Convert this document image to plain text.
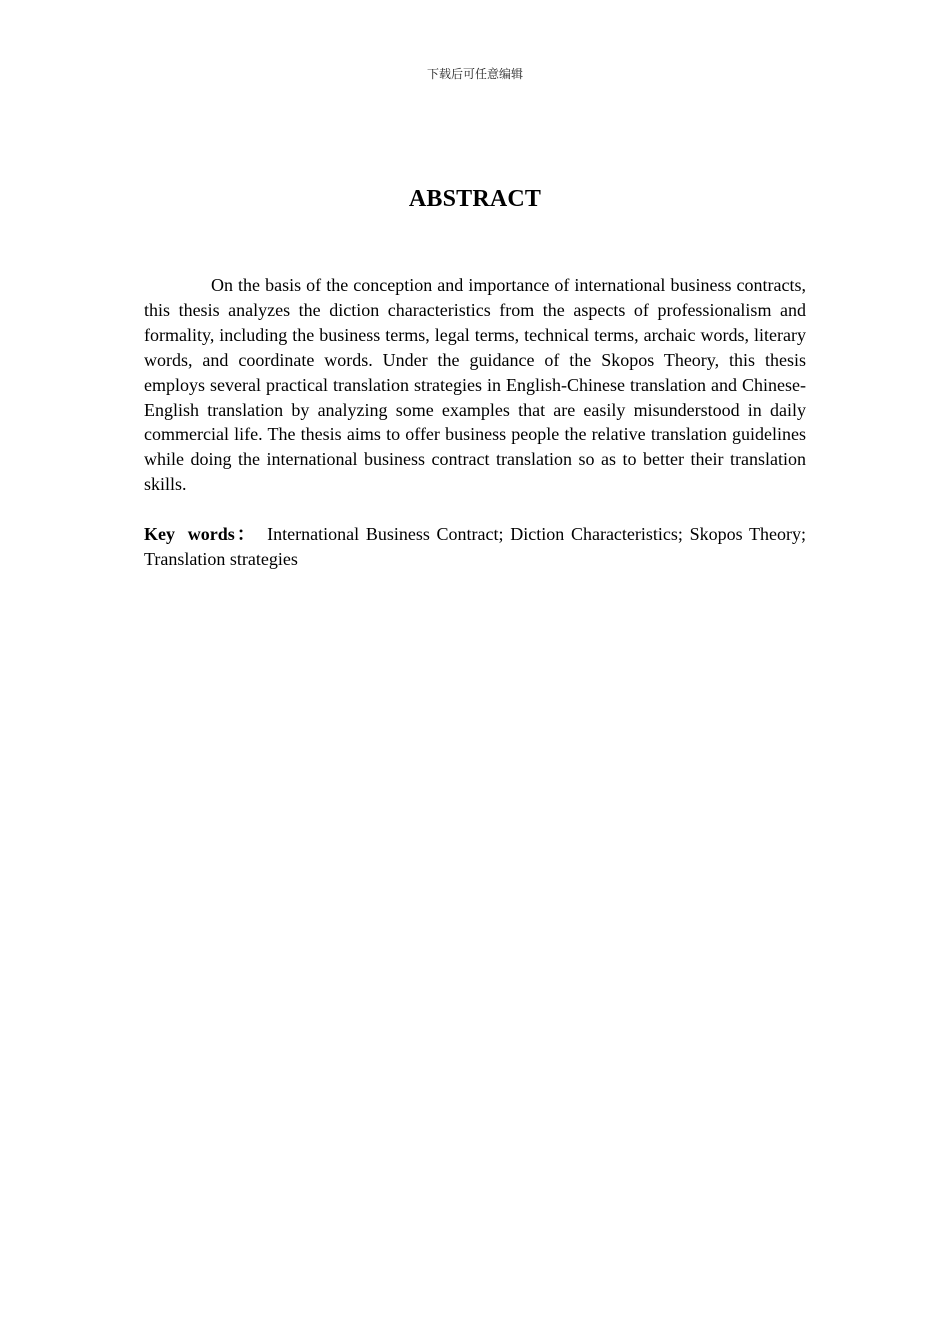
下载后可任意编辑
ABSTRACT

On the basis of the conception and importance of international business contracts, this thesis analyzes the diction characteristics from the aspects of professionalism and formality, including the business terms, legal terms, technical terms, archaic words, literary words, and coordinate words. Under the guidance of the Skopos Theory, this thesis employs several practical translation strategies in English-Chinese translation and Chinese-English translation by analyzing some examples that are easily misunderstood in daily commercial life. The thesis aims to offer business people the relative translation guidelines while doing the international business contract translation so as to better their translation skills.

Key words： International Business Contract; Diction Characteristics; Skopos Theory; Translation strategies
